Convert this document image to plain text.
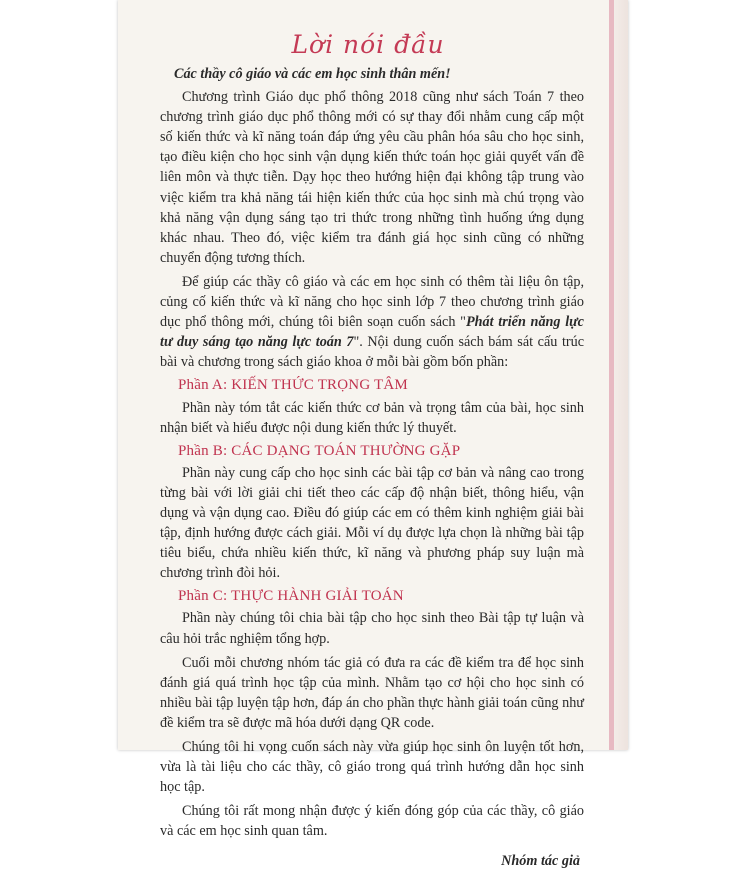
Lời nói đầu
Các thầy cô giáo và các em học sinh thân mến!

Chương trình Giáo dục phổ thông 2018 cũng như sách Toán 7 theo chương trình giáo dục phổ thông mới có sự thay đổi nhằm cung cấp một số kiến thức và kĩ năng toán đáp ứng yêu cầu phân hóa sâu cho học sinh, tạo điều kiện cho học sinh vận dụng kiến thức toán học giải quyết vấn đề liên môn và thực tiễn. Dạy học theo hướng hiện đại không tập trung vào việc kiểm tra khả năng tái hiện kiến thức của học sinh mà chú trọng vào khả năng vận dụng sáng tạo tri thức trong những tình huống ứng dụng khác nhau. Theo đó, việc kiểm tra đánh giá học sinh cũng có những chuyển động tương thích.

Để giúp các thầy cô giáo và các em học sinh có thêm tài liệu ôn tập, củng cố kiến thức và kĩ năng cho học sinh lớp 7 theo chương trình giáo dục phổ thông mới, chúng tôi biên soạn cuốn sách "Phát triển năng lực tư duy sáng tạo năng lực toán 7". Nội dung cuốn sách bám sát cấu trúc bài và chương trong sách giáo khoa ở mỗi bài gồm bốn phần:

Phần A: KIẾN THỨC TRỌNG TÂM

Phần này tóm tắt các kiến thức cơ bản và trọng tâm của bài, học sinh nhận biết và hiểu được nội dung kiến thức lý thuyết.

Phần B: CÁC DẠNG TOÁN THƯỜNG GẶP

Phần này cung cấp cho học sinh các bài tập cơ bản và nâng cao trong từng bài với lời giải chi tiết theo các cấp độ nhận biết, thông hiểu, vận dụng và vận dụng cao. Điều đó giúp các em có thêm kinh nghiệm giải bài tập, định hướng được cách giải. Mỗi ví dụ được lựa chọn là những bài tập tiêu biểu, chứa nhiều kiến thức, kĩ năng và phương pháp suy luận mà chương trình đòi hỏi.

Phần C: THỰC HÀNH GIẢI TOÁN

Phần này chúng tôi chia bài tập cho học sinh theo Bài tập tự luận và câu hỏi trắc nghiệm tổng hợp.

Cuối mỗi chương nhóm tác giả có đưa ra các đề kiểm tra để học sinh đánh giá quá trình học tập của mình. Nhằm tạo cơ hội cho học sinh có nhiều bài tập luyện tập hơn, đáp án cho phần thực hành giải toán cũng như đề kiểm tra sẽ được mã hóa dưới dạng QR code.

Chúng tôi hi vọng cuốn sách này vừa giúp học sinh ôn luyện tốt hơn, vừa là tài liệu cho các thầy, cô giáo trong quá trình hướng dẫn học sinh học tập.

Chúng tôi rất mong nhận được ý kiến đóng góp của các thầy, cô giáo và các em học sinh quan tâm.

Nhóm tác giả
